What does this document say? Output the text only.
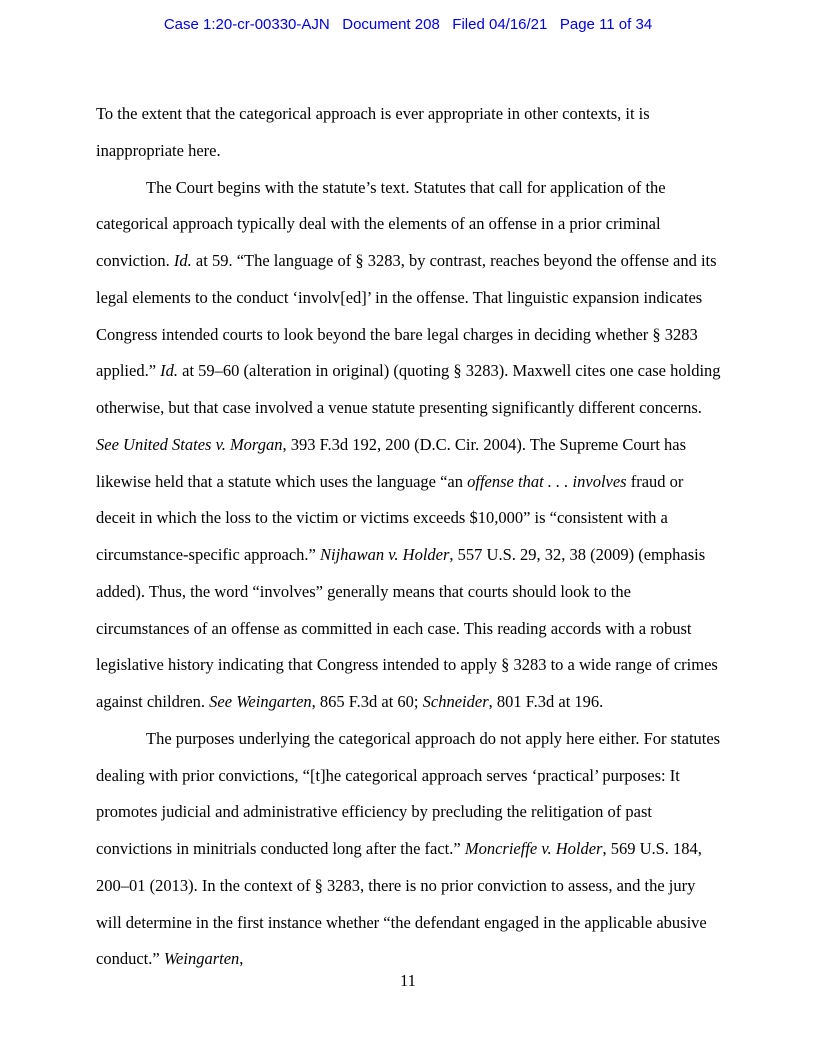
Case 1:20-cr-00330-AJN   Document 208   Filed 04/16/21   Page 11 of 34

To the extent that the categorical approach is ever appropriate in other contexts, it is inappropriate here.

The Court begins with the statute’s text. Statutes that call for application of the categorical approach typically deal with the elements of an offense in a prior criminal conviction. Id. at 59. “The language of § 3283, by contrast, reaches beyond the offense and its legal elements to the conduct ‘involv[ed]’ in the offense. That linguistic expansion indicates Congress intended courts to look beyond the bare legal charges in deciding whether § 3283 applied.” Id. at 59–60 (alteration in original) (quoting § 3283). Maxwell cites one case holding otherwise, but that case involved a venue statute presenting significantly different concerns. See United States v. Morgan, 393 F.3d 192, 200 (D.C. Cir. 2004). The Supreme Court has likewise held that a statute which uses the language “an offense that . . . involves fraud or deceit in which the loss to the victim or victims exceeds $10,000” is “consistent with a circumstance-specific approach.” Nijhawan v. Holder, 557 U.S. 29, 32, 38 (2009) (emphasis added). Thus, the word “involves” generally means that courts should look to the circumstances of an offense as committed in each case. This reading accords with a robust legislative history indicating that Congress intended to apply § 3283 to a wide range of crimes against children. See Weingarten, 865 F.3d at 60; Schneider, 801 F.3d at 196.

The purposes underlying the categorical approach do not apply here either. For statutes dealing with prior convictions, “[t]he categorical approach serves ‘practical’ purposes: It promotes judicial and administrative efficiency by precluding the relitigation of past convictions in minitrials conducted long after the fact.” Moncrieffe v. Holder, 569 U.S. 184, 200–01 (2013). In the context of § 3283, there is no prior conviction to assess, and the jury will determine in the first instance whether “the defendant engaged in the applicable abusive conduct.” Weingarten,

11
